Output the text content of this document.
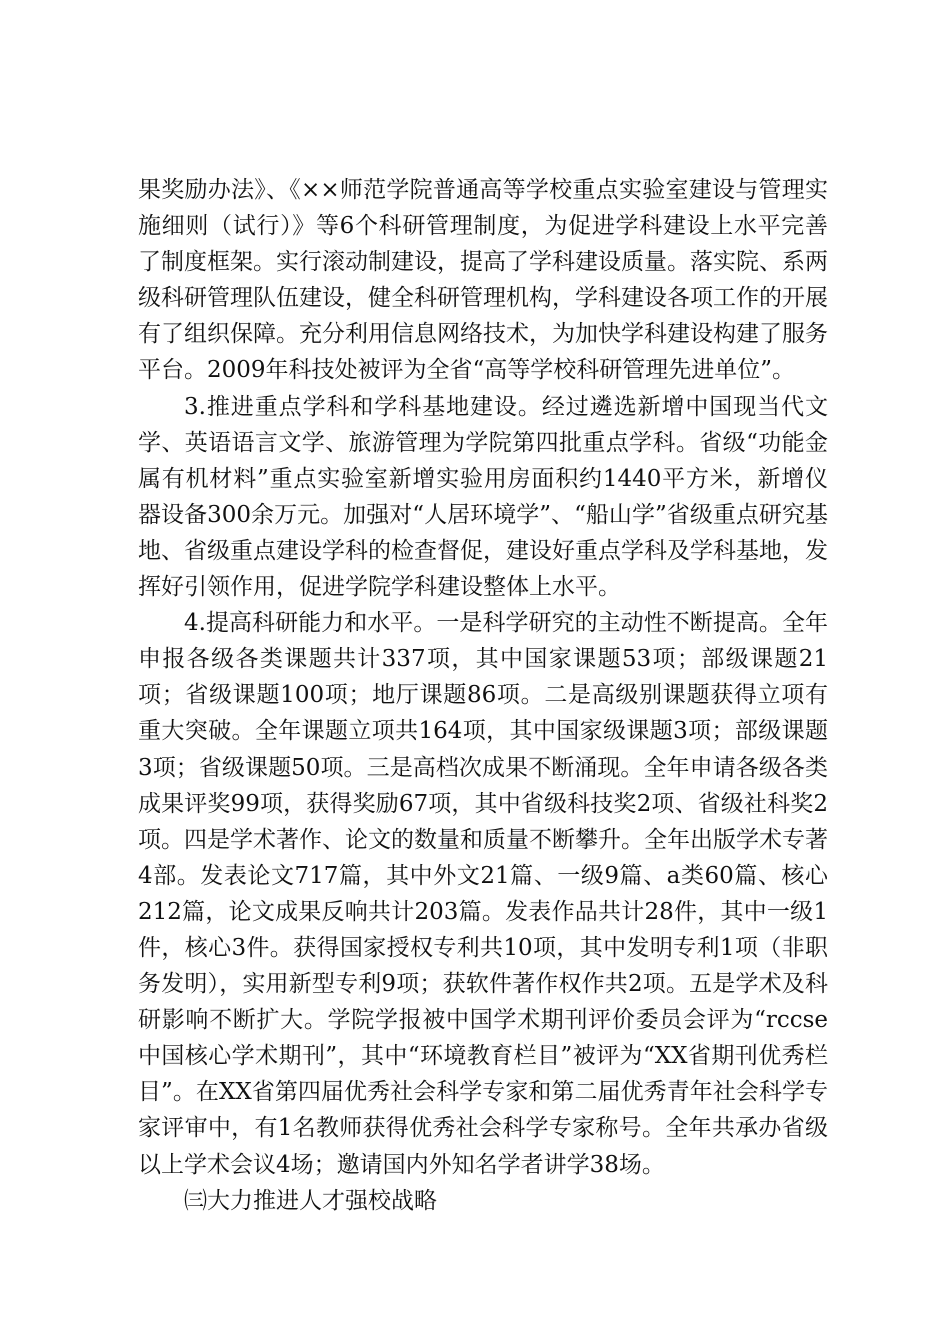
果奖励办法》、《××师范学院普通高等学校重点实验室建设与管理实施细则（试行）》等6个科研管理制度，为促进学科建设上水平完善了制度框架。实行滚动制建设，提高了学科建设质量。落实院、系两级科研管理队伍建设，健全科研管理机构，学科建设各项工作的开展有了组织保障。充分利用信息网络技术，为加快学科建设构建了服务平台。2009年科技处被评为全省“高等学校科研管理先进单位”。

3.推进重点学科和学科基地建设。经过遴选新增中国现当代文学、英语语言文学、旅游管理为学院第四批重点学科。省级“功能金属有机材料”重点实验室新增实验用房面积约1440平方米，新增仪器设备300余万元。加强对“人居环境学”、“船山学”省级重点研究基地、省级重点建设学科的检查督促，建设好重点学科及学科基地，发挥好引领作用，促进学院学科建设整体上水平。

4.提高科研能力和水平。一是科学研究的主动性不断提高。全年申报各级各类课题共计337项，其中国家课题53项；部级课题21项；省级课题100项；地厅课题86项。二是高级别课题获得立项有重大突破。全年课题立项共164项，其中国家级课题3项；部级课题3项；省级课题50项。三是高档次成果不断涌现。全年申请各级各类成果评奖99项，获得奖励67项，其中省级科技奖2项、省级社科奖2项。四是学术著作、论文的数量和质量不断攀升。全年出版学术专著4部。发表论文717篇，其中外文21篇、一级9篇、a类60篇、核心212篇，论文成果反响共计203篇。发表作品共计28件，其中一级1件，核心3件。获得国家授权专利共10项，其中发明专利1项（非职务发明），实用新型专利9项；获软件著作权作共2项。五是学术及科研影响不断扩大。学院学报被中国学术期刊评价委员会评为“rccse中国核心学术期刊”，其中“环境教育栏目”被评为“XX省期刊优秀栏目”。在XX省第四届优秀社会科学专家和第二届优秀青年社会科学专家评审中，有1名教师获得优秀社会科学专家称号。全年共承办省级以上学术会议4场；邀请国内外知名学者讲学38场。

㈢大力推进人才强校战略
